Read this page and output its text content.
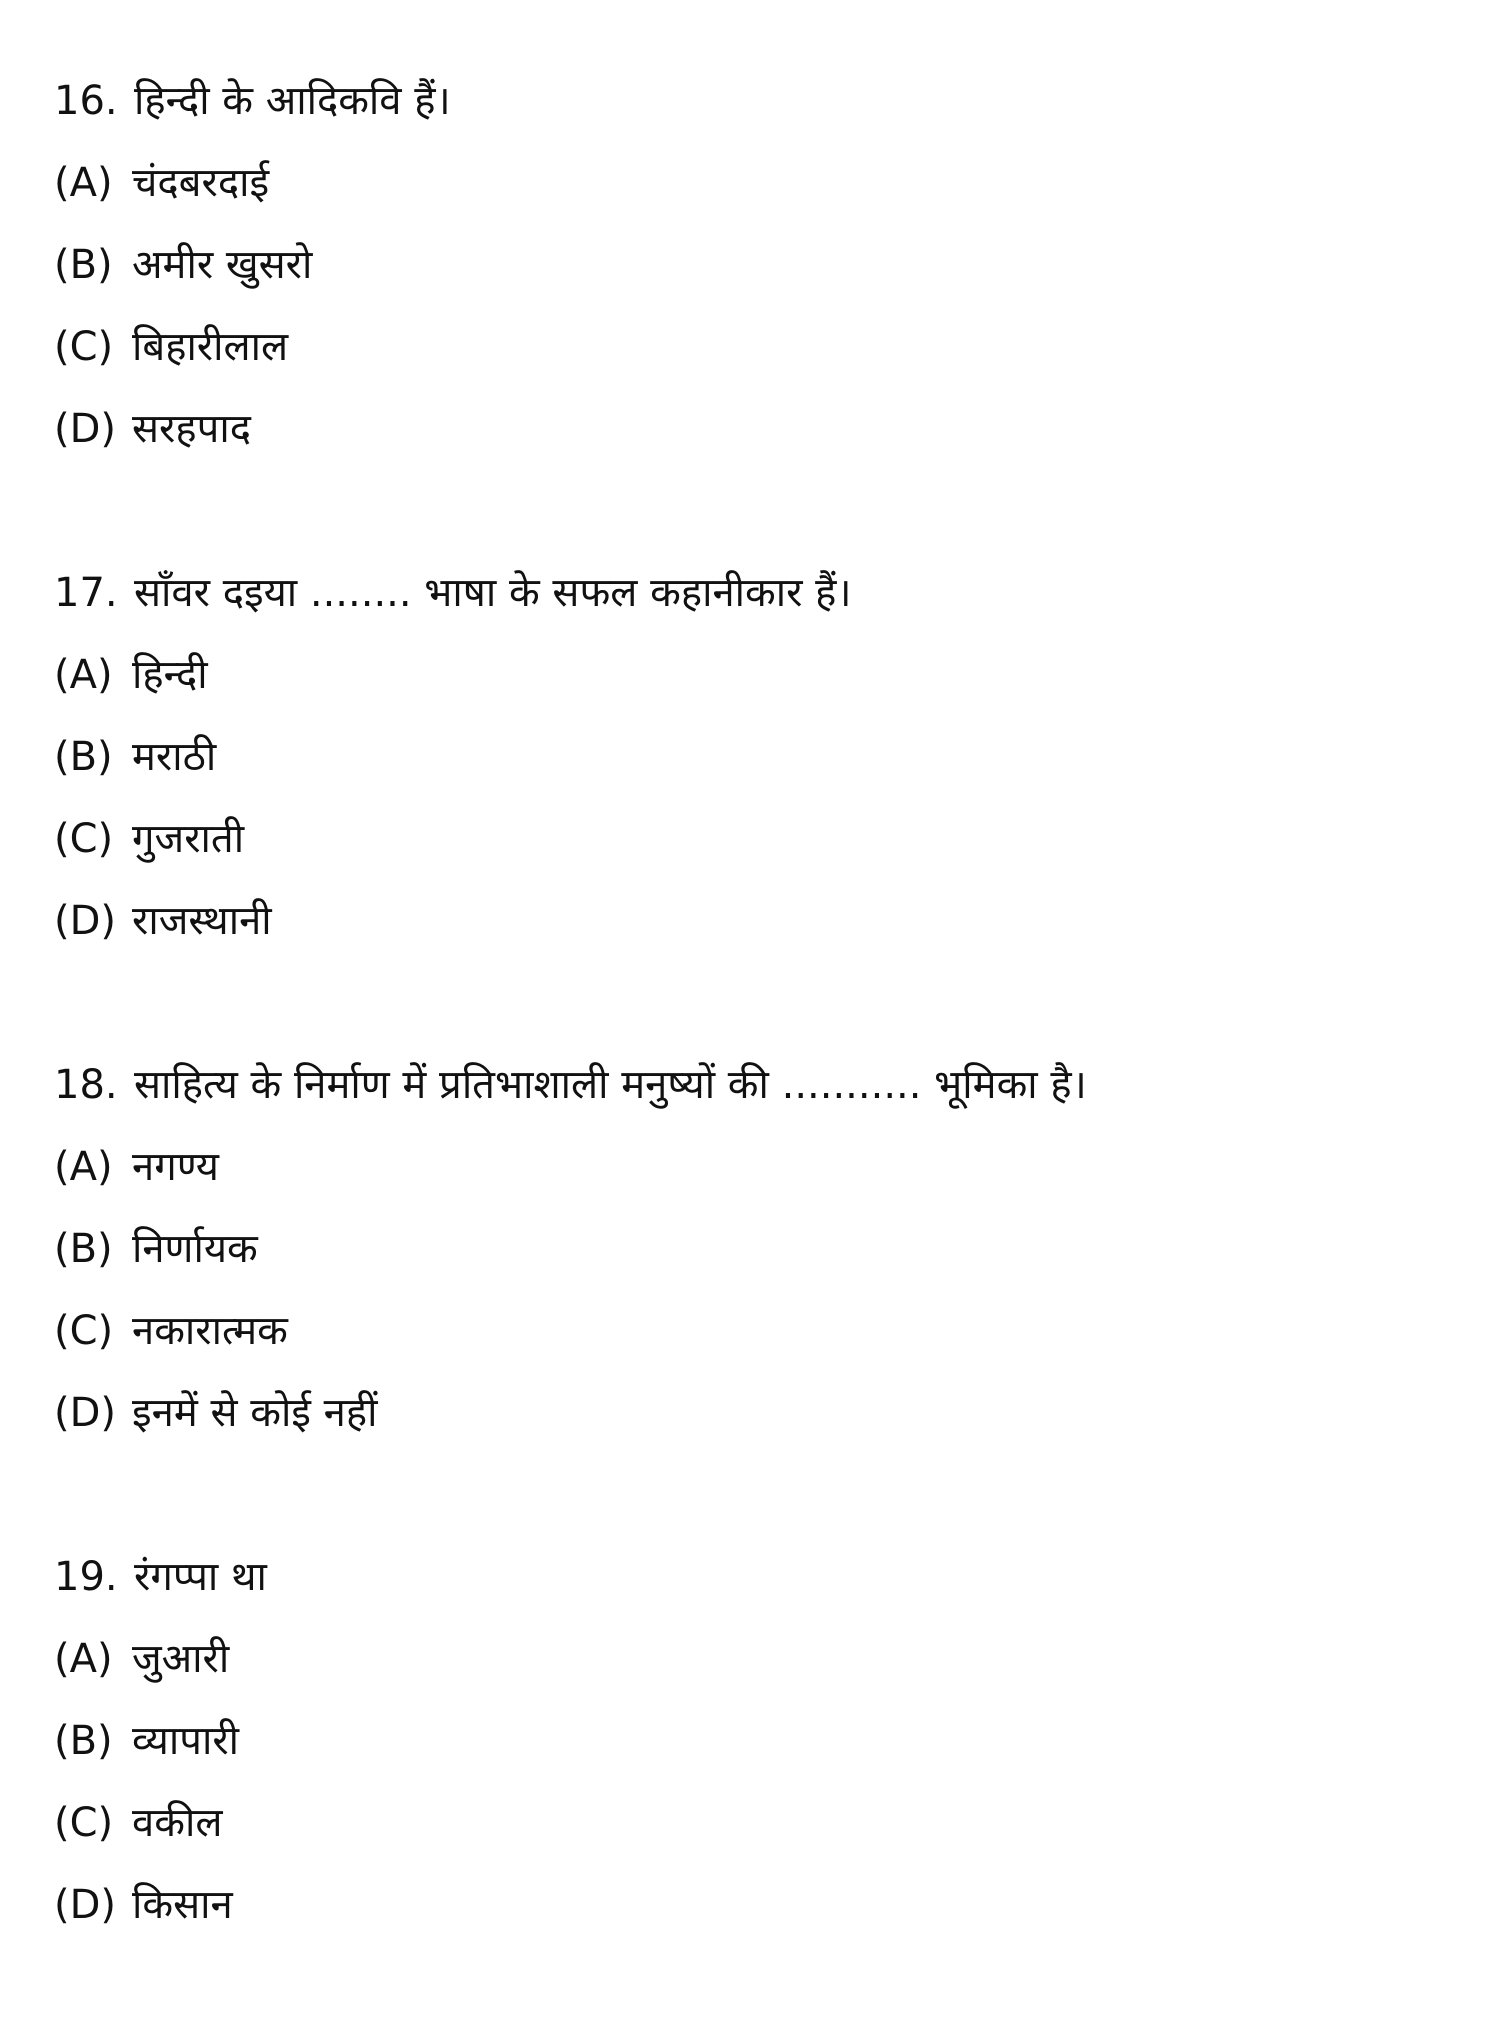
16. हिन्दी के आदिकवि हैं।
(A) चंदबरदाई
(B) अमीर खुसरो
(C) बिहारीलाल
(D) सरहपाद
17. साँवर दइया ........ भाषा के सफल कहानीकार हैं।
(A) हिन्दी
(B) मराठी
(C) गुजराती
(D) राजस्थानी
18. साहित्य के निर्माण में प्रतिभाशाली मनुष्यों की ........... भूमिका है।
(A) नगण्य
(B) निर्णायक
(C) नकारात्मक
(D) इनमें से कोई नहीं
19. रंगप्पा था
(A) जुआरी
(B) व्यापारी
(C) वकील
(D) किसान
